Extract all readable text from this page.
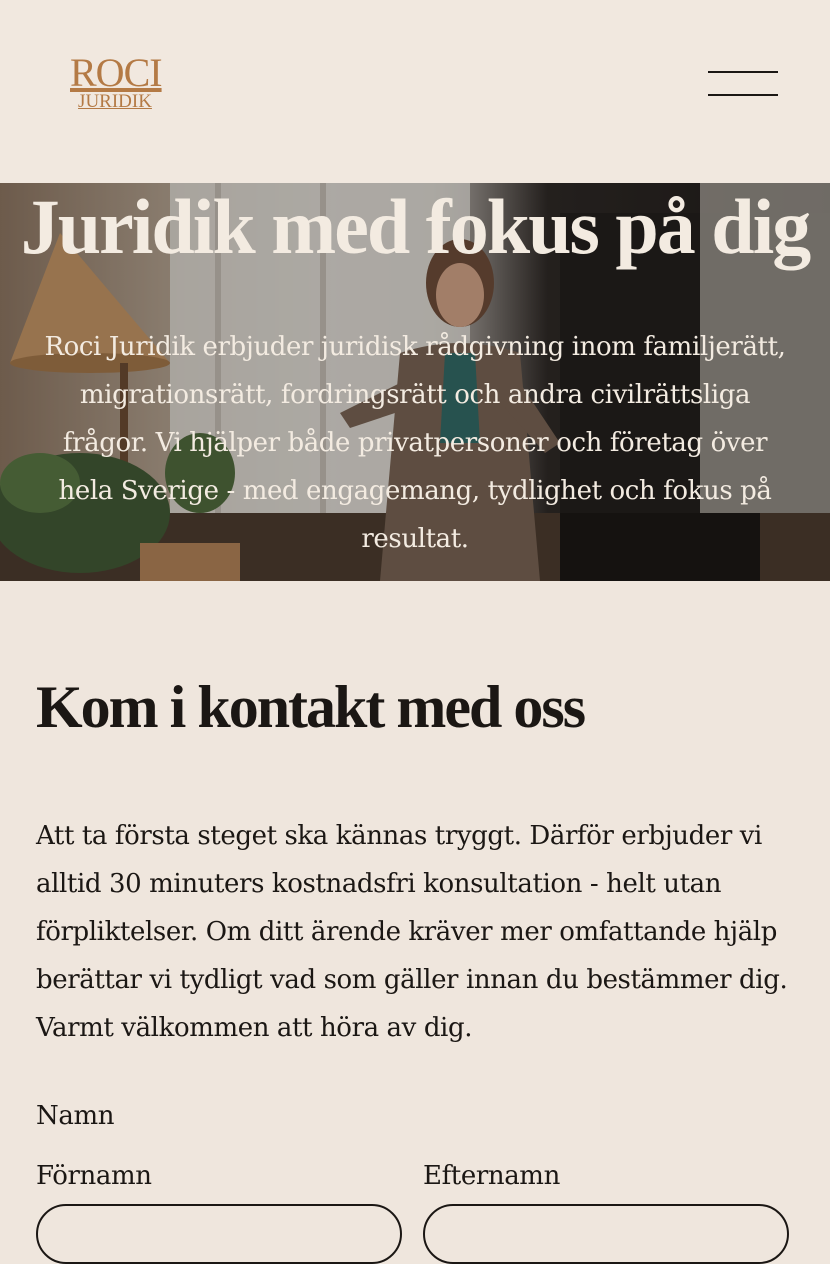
ROCI
JURIDIK
Juridik med fokus på dig

Roci Juridik erbjuder juridisk rådgivning inom familjerätt, migrationsrätt, fordringsrätt och andra civilrättsliga frågor. Vi hjälper både privatpersoner och företag över hela Sverige - med engagemang, tydlighet och fokus på resultat.

Kom i kontakt med oss

Att ta första steget ska kännas tryggt. Därför erbjuder vi alltid 30 minuters kostnadsfri konsultation - helt utan förpliktelser. Om ditt ärende kräver mer omfattande hjälp berättar vi tydligt vad som gäller innan du bestämmer dig. Varmt välkommen att höra av dig.

Namn
Förnamn	Efternamn
